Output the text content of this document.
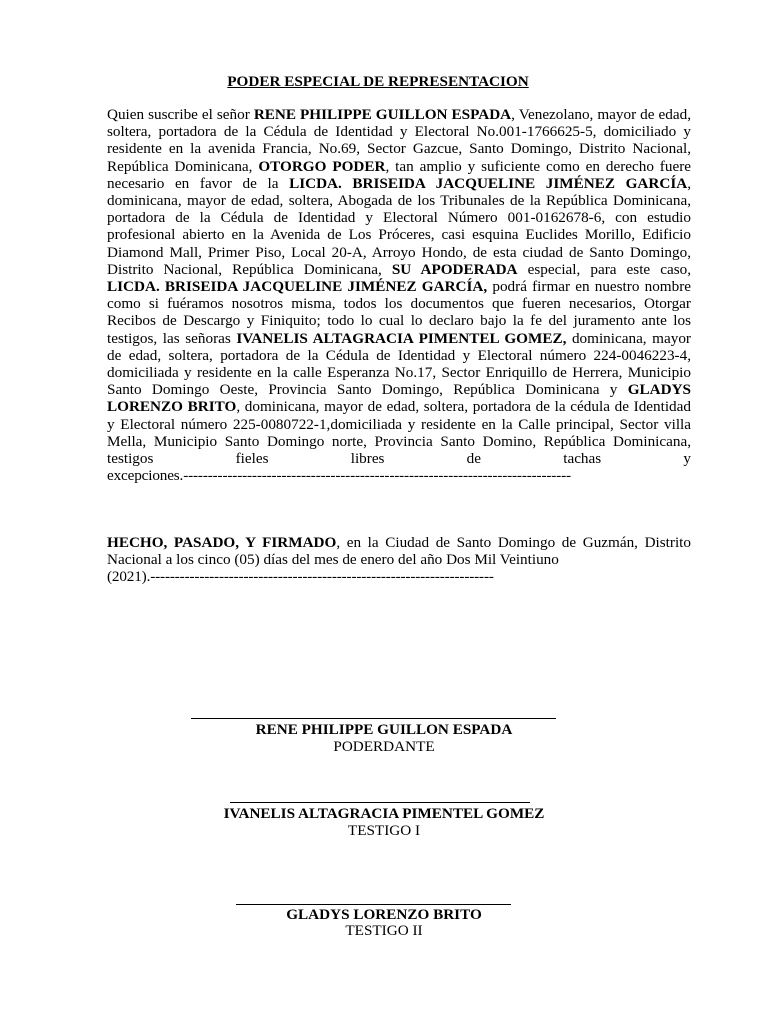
PODER ESPECIAL DE REPRESENTACION
Quien suscribe el señor RENE PHILIPPE GUILLON ESPADA, Venezolano, mayor de edad, soltera, portadora de la Cédula de Identidad y Electoral No.001-1766625-5, domiciliado y residente en la avenida Francia, No.69, Sector Gazcue, Santo Domingo, Distrito Nacional, República Dominicana, OTORGO PODER, tan amplio y suficiente como en derecho fuere necesario en favor de la LICDA. BRISEIDA JACQUELINE JIMÉNEZ GARCÍA, dominicana, mayor de edad, soltera, Abogada de los Tribunales de la República Dominicana, portadora de la Cédula de Identidad y Electoral Número 001-0162678-6, con estudio profesional abierto en la Avenida de Los Próceres, casi esquina Euclides Morillo, Edificio Diamond Mall, Primer Piso, Local 20-A, Arroyo Hondo, de esta ciudad de Santo Domingo, Distrito Nacional, República Dominicana, SU APODERADA especial, para este caso, LICDA. BRISEIDA JACQUELINE JIMÉNEZ GARCÍA, podrá firmar en nuestro nombre como si fuéramos nosotros misma, todos los documentos que fueren necesarios, Otorgar Recibos de Descargo y Finiquito; todo lo cual lo declaro bajo la fe del juramento ante los testigos, las señoras IVANELIS ALTAGRACIA PIMENTEL GOMEZ, dominicana, mayor de edad, soltera, portadora de la Cédula de Identidad y Electoral número 224-0046223-4, domiciliada y residente en la calle Esperanza No.17, Sector Enriquillo de Herrera, Municipio Santo Domingo Oeste, Provincia Santo Domingo, República Dominicana y GLADYS LORENZO BRITO, dominicana, mayor de edad, soltera, portadora de la cédula de Identidad y Electoral número 225-0080722-1,domiciliada y residente en la Calle principal, Sector villa Mella, Municipio Santo Domingo norte, Provincia Santo Domino, República Dominicana, testigos fieles libres de tachas y
excepciones.-------------------------------------------------------------------------------
HECHO, PASADO, Y FIRMADO, en la Ciudad de Santo Domingo de Guzmán, Distrito Nacional a los cinco (05) días del mes de enero del año Dos Mil Veintiuno
(2021).----------------------------------------------------------------------
RENE PHILIPPE GUILLON ESPADA
PODERDANTE
IVANELIS ALTAGRACIA PIMENTEL GOMEZ
TESTIGO I
GLADYS LORENZO BRITO
TESTIGO II
